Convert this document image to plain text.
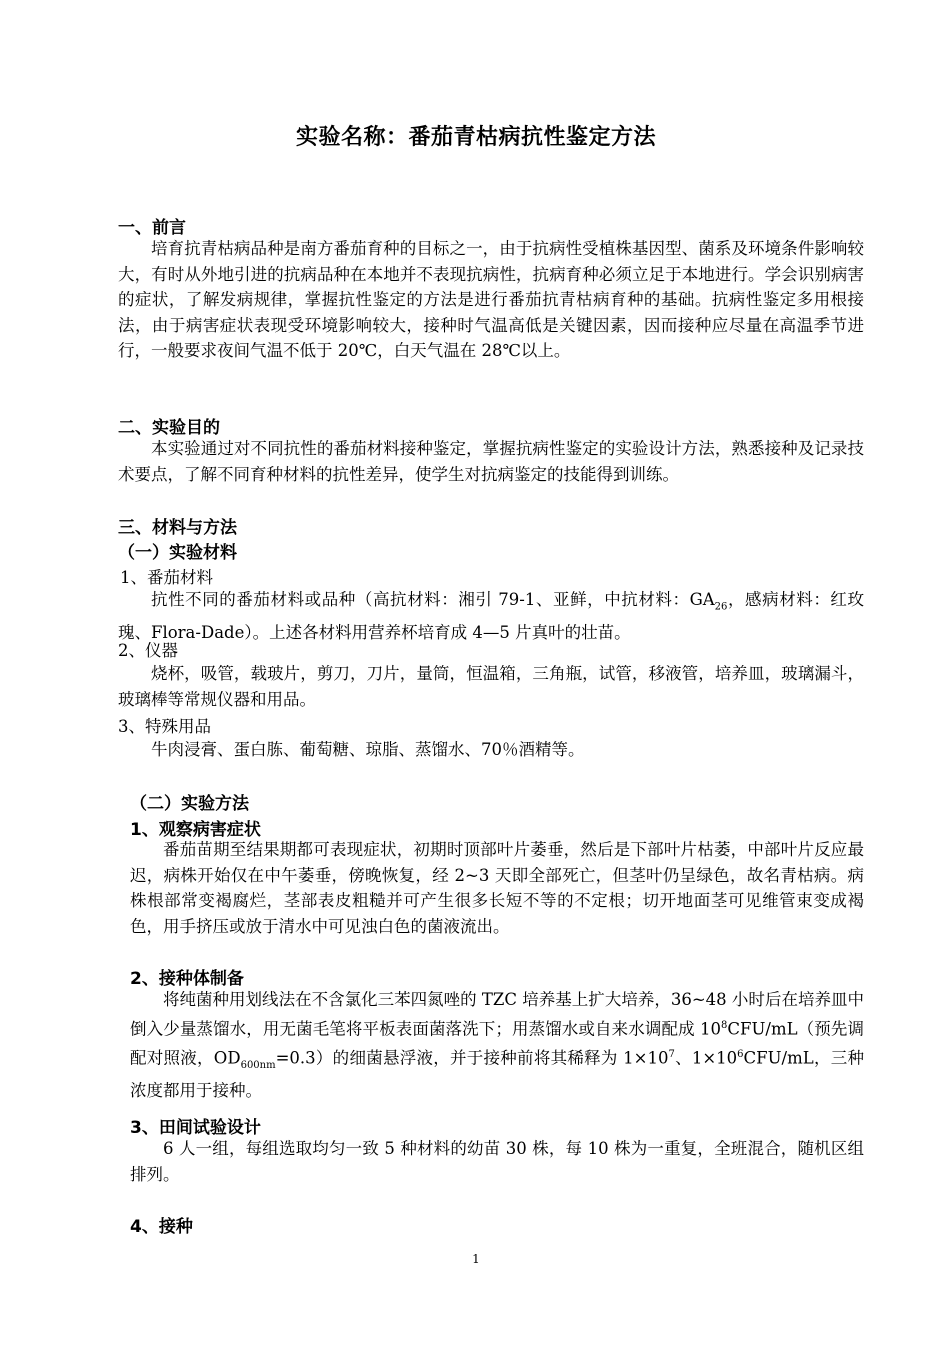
实验名称：番茄青枯病抗性鉴定方法
一、前言
培育抗青枯病品种是南方番茄育种的目标之一，由于抗病性受植株基因型、菌系及环境条件影响较大，有时从外地引进的抗病品种在本地并不表现抗病性，抗病育种必须立足于本地进行。学会识别病害的症状，了解发病规律，掌握抗性鉴定的方法是进行番茄抗青枯病育种的基础。抗病性鉴定多用根接法，由于病害症状表现受环境影响较大，接种时气温高低是关键因素，因而接种应尽量在高温季节进行，一般要求夜间气温不低于 20℃，白天气温在 28℃以上。
二、实验目的
本实验通过对不同抗性的番茄材料接种鉴定，掌握抗病性鉴定的实验设计方法，熟悉接种及记录技术要点，了解不同育种材料的抗性差异，使学生对抗病鉴定的技能得到训练。
三、材料与方法
（一）实验材料
1、番茄材料
抗性不同的番茄材料或品种（高抗材料：湘引 79-1、亚鲜，中抗材料：$GA_{26}$，感病材料：红玫瑰、Flora-Dade）。上述各材料用营养杯培育成 4—5 片真叶的壮苗。
2、仪器
烧杯，吸管，载玻片，剪刀，刀片，量筒，恒温箱，三角瓶，试管，移液管，培养皿，玻璃漏斗，玻璃棒等常规仪器和用品。
3、特殊用品
牛肉浸膏、蛋白胨、葡萄糖、琼脂、蒸馏水、70％酒精等。
（二）实验方法
1、观察病害症状
番茄苗期至结果期都可表现症状，初期时顶部叶片萎垂，然后是下部叶片枯萎，中部叶片反应最迟，病株开始仅在中午萎垂，傍晚恢复，经 2~3 天即全部死亡，但茎叶仍呈绿色，故名青枯病。病株根部常变褐腐烂，茎部表皮粗糙并可产生很多长短不等的不定根；切开地面茎可见维管束变成褐色，用手挤压或放于清水中可见浊白色的菌液流出。
2、接种体制备
将纯菌种用划线法在不含氯化三苯四氮唑的 TZC 培养基上扩大培养，36~48 小时后在培养皿中倒入少量蒸馏水，用无菌毛笔将平板表面菌落洗下；用蒸馏水或自来水调配成 $10^8CFU/mL$（预先调配对照液，$OD_{600nm}=0.3$）的细菌悬浮液，并于接种前将其稀释为 $1\times 10^7$、$1\times 10^6CFU/mL$，三种浓度都用于接种。
3、田间试验设计
6 人一组，每组选取均匀一致 5 种材料的幼苗 30 株，每 10 株为一重复，全班混合，随机区组排列。
4、接种
1
